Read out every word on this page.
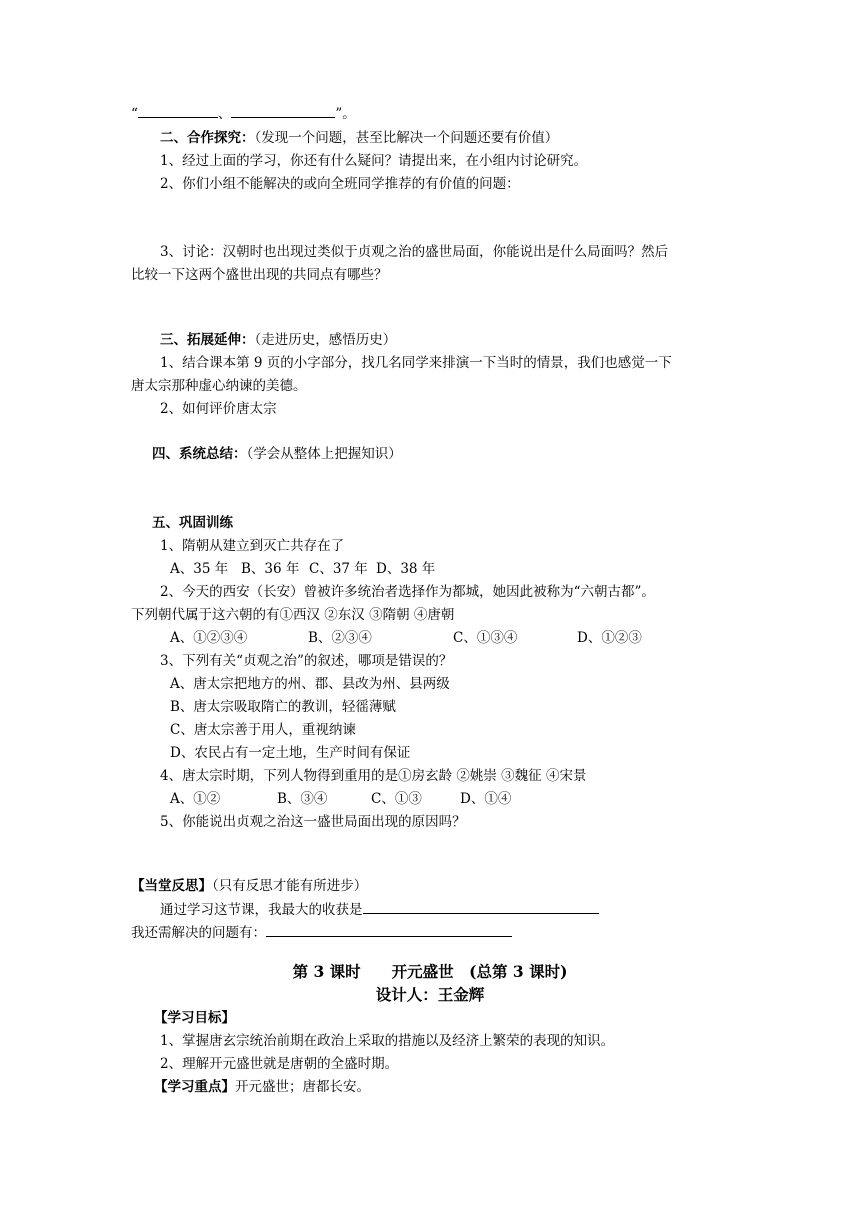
“	、	”。
二、合作探究：（发现一个问题，甚至比解决一个问题还要有价值）
1、经过上面的学习，你还有什么疑问？请提出来，在小组内讨论研究。
2、你们小组不能解决的或向全班同学推荐的有价值的问题：
3、讨论：汉朝时也出现过类似于贞观之治的盛世局面，你能说出是什么局面吗？然后
比较一下这两个盛世出现的共同点有哪些？
三、拓展延伸：（走进历史，感悟历史）
1、结合课本第 9 页的小字部分，找几名同学来排演一下当时的情景，我们也感觉一下
唐太宗那种虚心纳谏的美德。
2、如何评价唐太宗
四、系统总结：（学会从整体上把握知识）
五、巩固训练
1、隋朝从建立到灭亡共存在了
A、35 年 B、36 年 C、37 年 D、38 年
2、今天的西安（长安）曾被许多统治者选择作为都城，她因此被称为“六朝古都”。
下列朝代属于这六朝的有①西汉 ②东汉 ③隋朝 ④唐朝
A、①②③④	B、②③④	C、①③④	D、①②③
3、下列有关“贞观之治”的叙述，哪项是错误的？
A、唐太宗把地方的州、郡、县改为州、县两级
B、唐太宗吸取隋亡的教训，轻徭薄赋
C、唐太宗善于用人，重视纳谏
D、农民占有一定土地，生产时间有保证
4、唐太宗时期，下列人物得到重用的是①房玄龄 ②姚崇 ③魏征 ④宋景
A、①②	B、③④	C、①③	D、①④
5、你能说出贞观之治这一盛世局面出现的原因吗？
【当堂反思】（只有反思才能有所进步）
通过学习这节课，我最大的收获是
我还需解决的问题有：
第 3 课时　　开元盛世　(总第 3 课时)
设计人：王金辉
【学习目标】
1、掌握唐玄宗统治前期在政治上采取的措施以及经济上繁荣的表现的知识。
2、理解开元盛世就是唐朝的全盛时期。
【学习重点】开元盛世；唐都长安。
